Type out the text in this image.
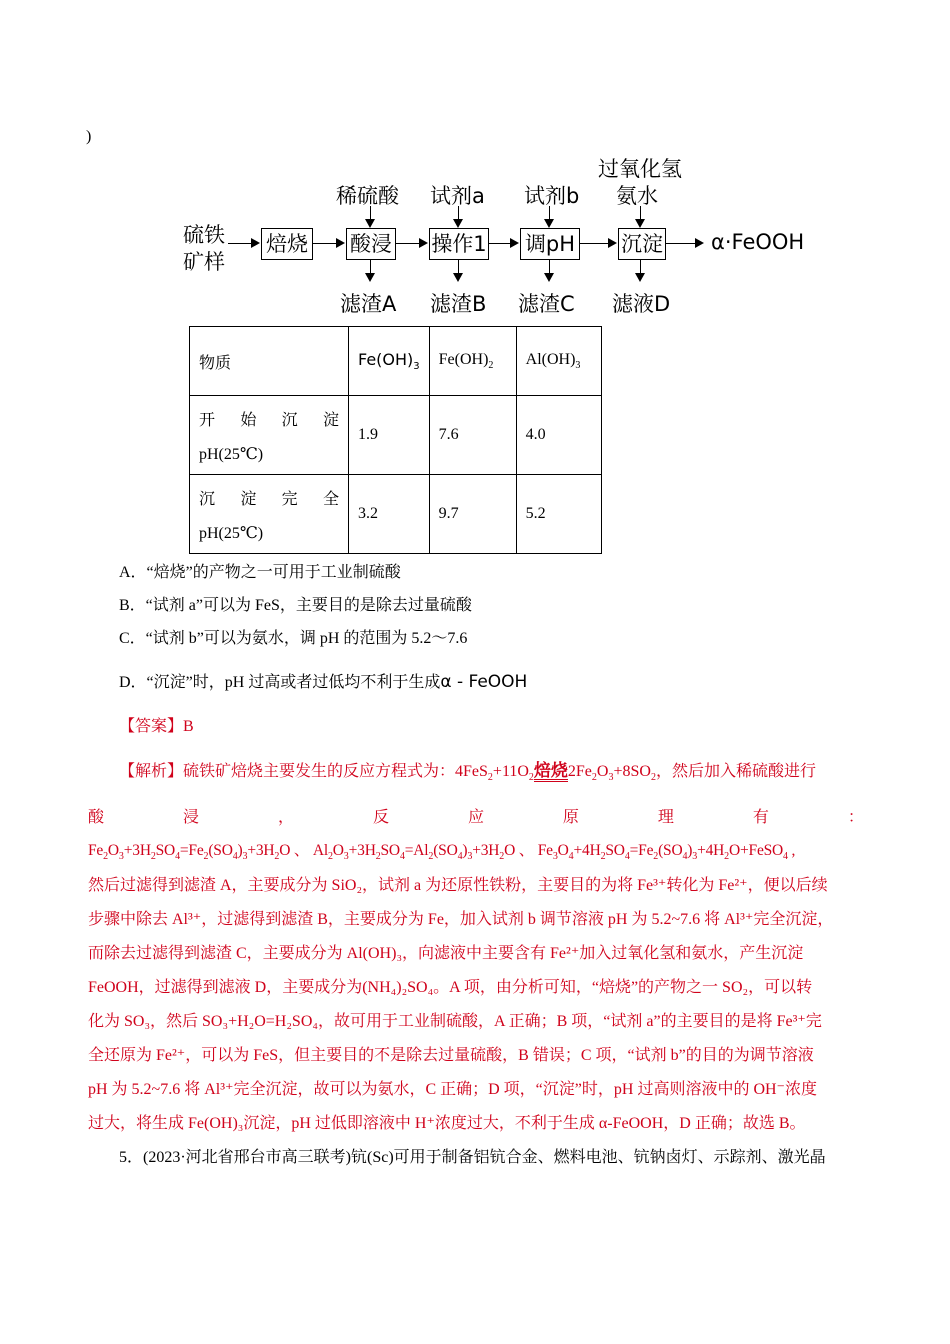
)
硫铁
矿样
焙烧 酸浸 操作1 调pH 沉淀 α·FeOOH
稀硫酸 试剂a 试剂b
过氧化氢
氨水
滤渣A 滤渣B 滤渣C 滤液D
物质	$Fe(OH)_3$	$Fe(OH)_2$	$Al(OH)_3$

开 始 沉 淀
pH(25℃)	1.9	7.6	4.0

沉 淀 完 全
pH(25℃)	3.2	9.7	5.2
A．“焙烧”的产物之一可用于工业制硫酸
B．“试剂 a”可以为 FeS，主要目的是除去过量硫酸
C．“试剂 b”可以为氨水，调 pH 的范围为 5.2～7.6
D．“沉淀”时，pH 过高或者过低均不利于生成α - FeOOH
【答案】B
【解析】硫铁矿焙烧主要发生的反应方程式为：$4FeS_2+11O_2$焙烧$2Fe_2O_3+8SO_2$，然后加入稀硫酸进行
酸	浸	，	反	应	原	理	有	：
$Fe_2O_3+3H_2SO_4=Fe_2(SO_4)_3+3H_2O$ 、 $Al_2O_3+3H_2SO_4=Al_2(SO_4)_3+3H_2O$ 、 $Fe_3O_4+4H_2SO_4=Fe_2(SO_4)_3+4H_2O+FeSO_4$ ,
然后过滤得到滤渣 A，主要成分为 SiO₂，试剂 a 为还原性铁粉，主要目的为将 Fe³⁺转化为 Fe²⁺，便以后续
步骤中除去 Al³⁺，过滤得到滤渣 B，主要成分为 Fe，加入试剂 b 调节溶液 pH 为 5.2~7.6 将 Al³⁺完全沉淀，
而除去过滤得到滤渣 C，主要成分为 Al(OH)₃，向滤液中主要含有 Fe²⁺加入过氧化氢和氨水，产生沉淀
FeOOH，过滤得到滤液 D，主要成分为(NH₄)₂SO₄。A 项，由分析可知，“焙烧”的产物之一 SO₂，可以转
化为 SO₃，然后 SO₃+H₂O=H₂SO₄，故可用于工业制硫酸，A 正确；B 项，“试剂 a”的主要目的是将 Fe³⁺完
全还原为 Fe²⁺，可以为 FeS，但主要目的不是除去过量硫酸，B 错误；C 项，“试剂 b”的目的为调节溶液
pH 为 5.2~7.6 将 Al³⁺完全沉淀，故可以为氨水，C 正确；D 项，“沉淀”时，pH 过高则溶液中的 OH⁻浓度
过大，将生成 Fe(OH)₃沉淀，pH 过低即溶液中 H⁺浓度过大，不利于生成 α-FeOOH，D 正确；故选 B。
5．(2023·河北省邢台市高三联考)钪(Sc)可用于制备铝钪合金、燃料电池、钪钠卤灯、示踪剂、激光晶
